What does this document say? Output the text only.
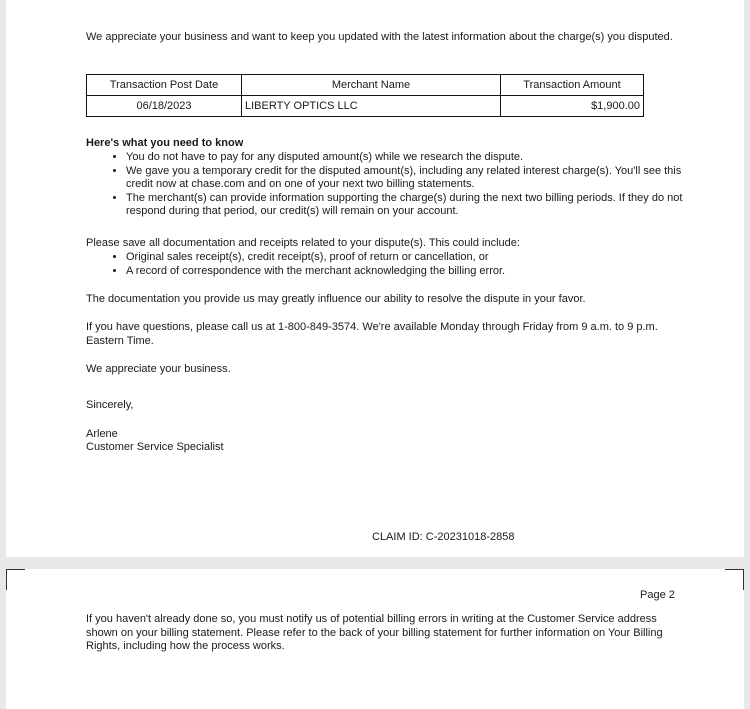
We appreciate your business and want to keep you updated with the latest information about the charge(s) you disputed.

Transaction Post Date	Merchant Name	Transaction Amount
06/18/2023	LIBERTY OPTICS LLC	$1,900.00

Here's what you need to know

• You do not have to pay for any disputed amount(s) while we research the dispute.
• We gave you a temporary credit for the disputed amount(s), including any related interest charge(s). You'll see this credit now at chase.com and on one of your next two billing statements.
• The merchant(s) can provide information supporting the charge(s) during the next two billing periods. If they do not respond during that period, our credit(s) will remain on your account.

Please save all documentation and receipts related to your dispute(s). This could include:

• Original sales receipt(s), credit receipt(s), proof of return or cancellation, or
• A record of correspondence with the merchant acknowledging the billing error.

The documentation you provide us may greatly influence our ability to resolve the dispute in your favor.

If you have questions, please call us at 1-800-849-3574. We're available Monday through Friday from 9 a.m. to 9 p.m. Eastern Time.

We appreciate your business.

Sincerely,

Arlene

Customer Service Specialist

CLAIM ID: C-20231018-2858
Page 2

If you haven't already done so, you must notify us of potential billing errors in writing at the Customer Service address shown on your billing statement. Please refer to the back of your billing statement for further information on Your Billing Rights, including how the process works.
